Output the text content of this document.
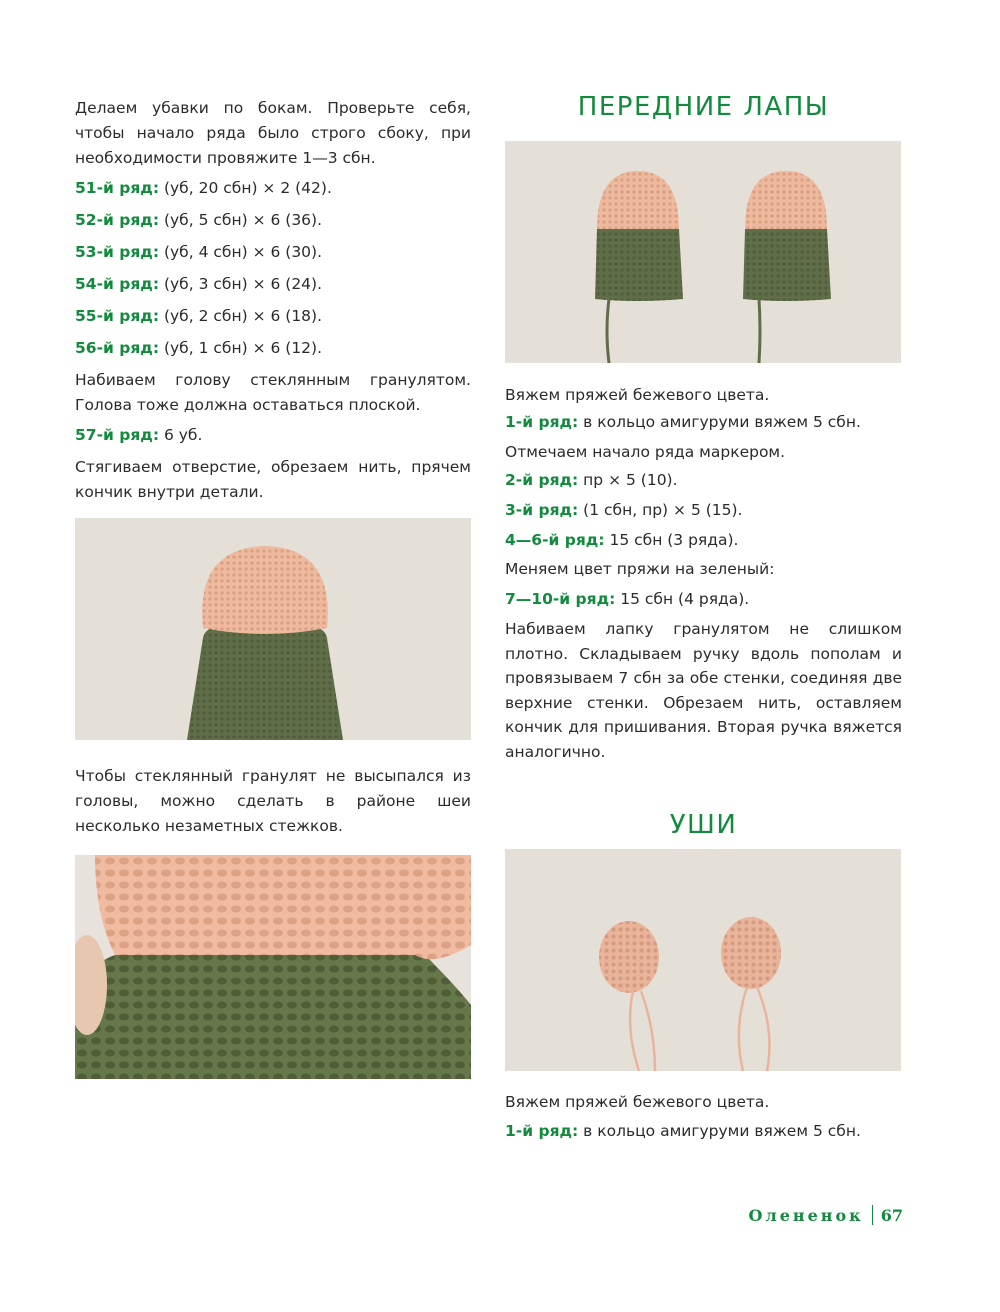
Делаем убавки по бокам. Проверьте себя, чтобы начало ряда было строго сбоку, при необходимости провяжите 1—3 сбн.

51-й ряд: (уб, 20 сбн) × 2 (42).
52-й ряд: (уб, 5 сбн) × 6 (36).
53-й ряд: (уб, 4 сбн) × 6 (30).
54-й ряд: (уб, 3 сбн) × 6 (24).
55-й ряд: (уб, 2 сбн) × 6 (18).
56-й ряд: (уб, 1 сбн) × 6 (12).

Набиваем голову стеклянным гранулятом. Голова тоже должна оставаться плоской.

57-й ряд: 6 уб.

Стягиваем отверстие, обрезаем нить, прячем кончик внутри детали.

Чтобы стеклянный гранулят не высыпался из головы, можно сделать в районе шеи несколько незаметных стежков.

ПЕРЕДНИЕ ЛАПЫ

Вяжем пряжей бежевого цвета.

1-й ряд: в кольцо амигуруми вяжем 5 сбн.

Отмечаем начало ряда маркером.

2-й ряд: пр × 5 (10).
3-й ряд: (1 сбн, пр) × 5 (15).
4—6-й ряд: 15 сбн (3 ряда).

Меняем цвет пряжи на зеленый:

7—10-й ряд: 15 сбн (4 ряда).

Набиваем лапку гранулятом не слишком плотно. Складываем ручку вдоль пополам и провязываем 7 сбн за обе стенки, соединяя две верхние стенки. Обрезаем нить, оставляем кончик для пришивания. Вторая ручка вяжется аналогично.

УШИ

Вяжем пряжей бежевого цвета.

1-й ряд: в кольцо амигуруми вяжем 5 сбн.
Олененок 67
